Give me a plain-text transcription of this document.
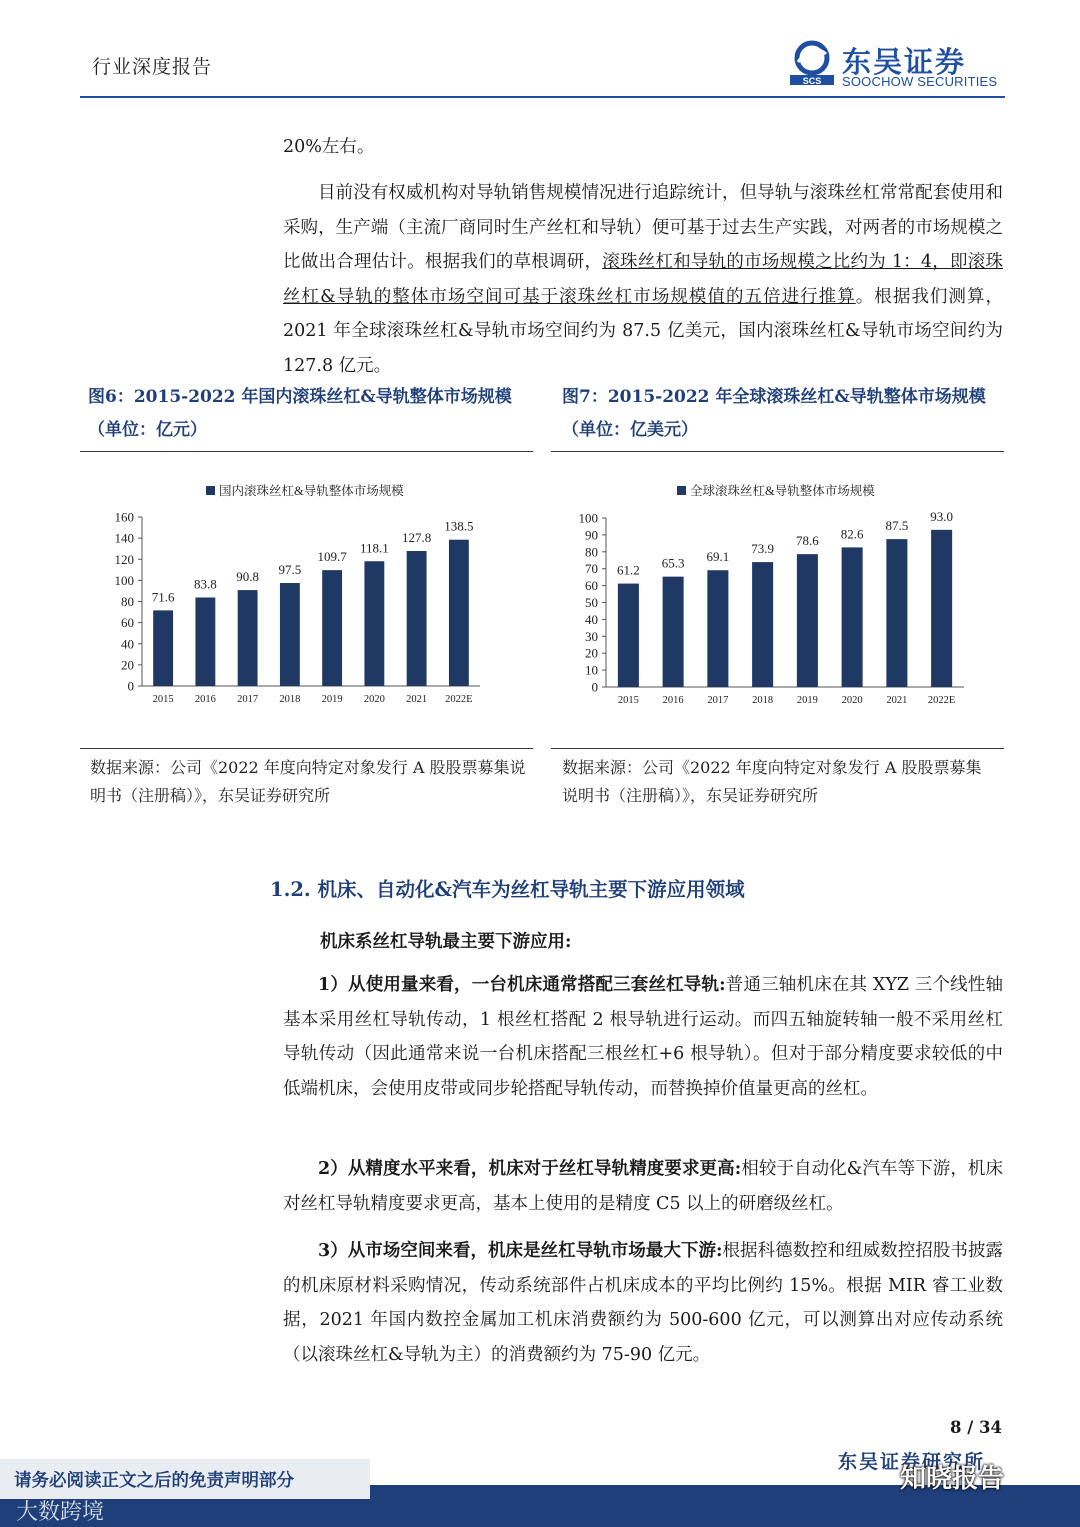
行业深度报告
SCS
东吴证券
SOOCHOW SECURITIES
20%左右。
目前没有权威机构对导轨销售规模情况进行追踪统计，但导轨与滚珠丝杠常常配套使用和采购，生产端（主流厂商同时生产丝杠和导轨）便可基于过去生产实践，对两者的市场规模之比做出合理估计。根据我们的草根调研，滚珠丝杠和导轨的市场规模之比约为 1：4，即滚珠丝杠&导轨的整体市场空间可基于滚珠丝杠市场规模值的五倍进行推算。根据我们测算，2021 年全球滚珠丝杠&导轨市场空间约为 87.5 亿美元，国内滚珠丝杠&导轨市场空间约为 127.8 亿元。
图6：2015-2022 年国内滚珠丝杠&导轨整体市场规模
（单位：亿元）
国内滚珠丝杠&导轨整体市场规模
0
20
40
60
80
100
120
140
160
71.6
2015
83.8
2016
90.8
2017
97.5
2018
109.7
2019
118.1
2020
127.8
2021
138.5
2022E
数据来源：公司《2022 年度向特定对象发行 A 股股票募集说明书（注册稿）》，东吴证券研究所
图7：2015-2022 年全球滚珠丝杠&导轨整体市场规模
（单位：亿美元）
全球滚珠丝杠&导轨整体市场规模
0
10
20
30
40
50
60
70
80
90
100
61.2
2015
65.3
2016
69.1
2017
73.9
2018
78.6
2019
82.6
2020
87.5
2021
93.0
2022E
数据来源：公司《2022 年度向特定对象发行 A 股股票募集说明书（注册稿）》，东吴证券研究所
1.2. 机床、自动化&汽车为丝杠导轨主要下游应用领域
机床系丝杠导轨最主要下游应用:
1）从使用量来看，一台机床通常搭配三套丝杠导轨:普通三轴机床在其 XYZ 三个线性轴基本采用丝杠导轨传动，1 根丝杠搭配 2 根导轨进行运动。而四五轴旋转轴一般不采用丝杠导轨传动（因此通常来说一台机床搭配三根丝杠+6 根导轨）。但对于部分精度要求较低的中低端机床，会使用皮带或同步轮搭配导轨传动，而替换掉价值量更高的丝杠。
2）从精度水平来看，机床对于丝杠导轨精度要求更高:相较于自动化&汽车等下游，机床对丝杠导轨精度要求更高，基本上使用的是精度 C5 以上的研磨级丝杠。
3）从市场空间来看，机床是丝杠导轨市场最大下游:根据科德数控和纽威数控招股书披露的机床原材料采购情况，传动系统部件占机床成本的平均比例约 15%。根据 MIR 睿工业数据，2021 年国内数控金属加工机床消费额约为 500-600 亿元，可以测算出对应传动系统（以滚珠丝杠&导轨为主）的消费额约为 75-90 亿元。
8 / 34
请务必阅读正文之后的免责声明部分
东吴证券研究所
大数跨境
知晓报告
